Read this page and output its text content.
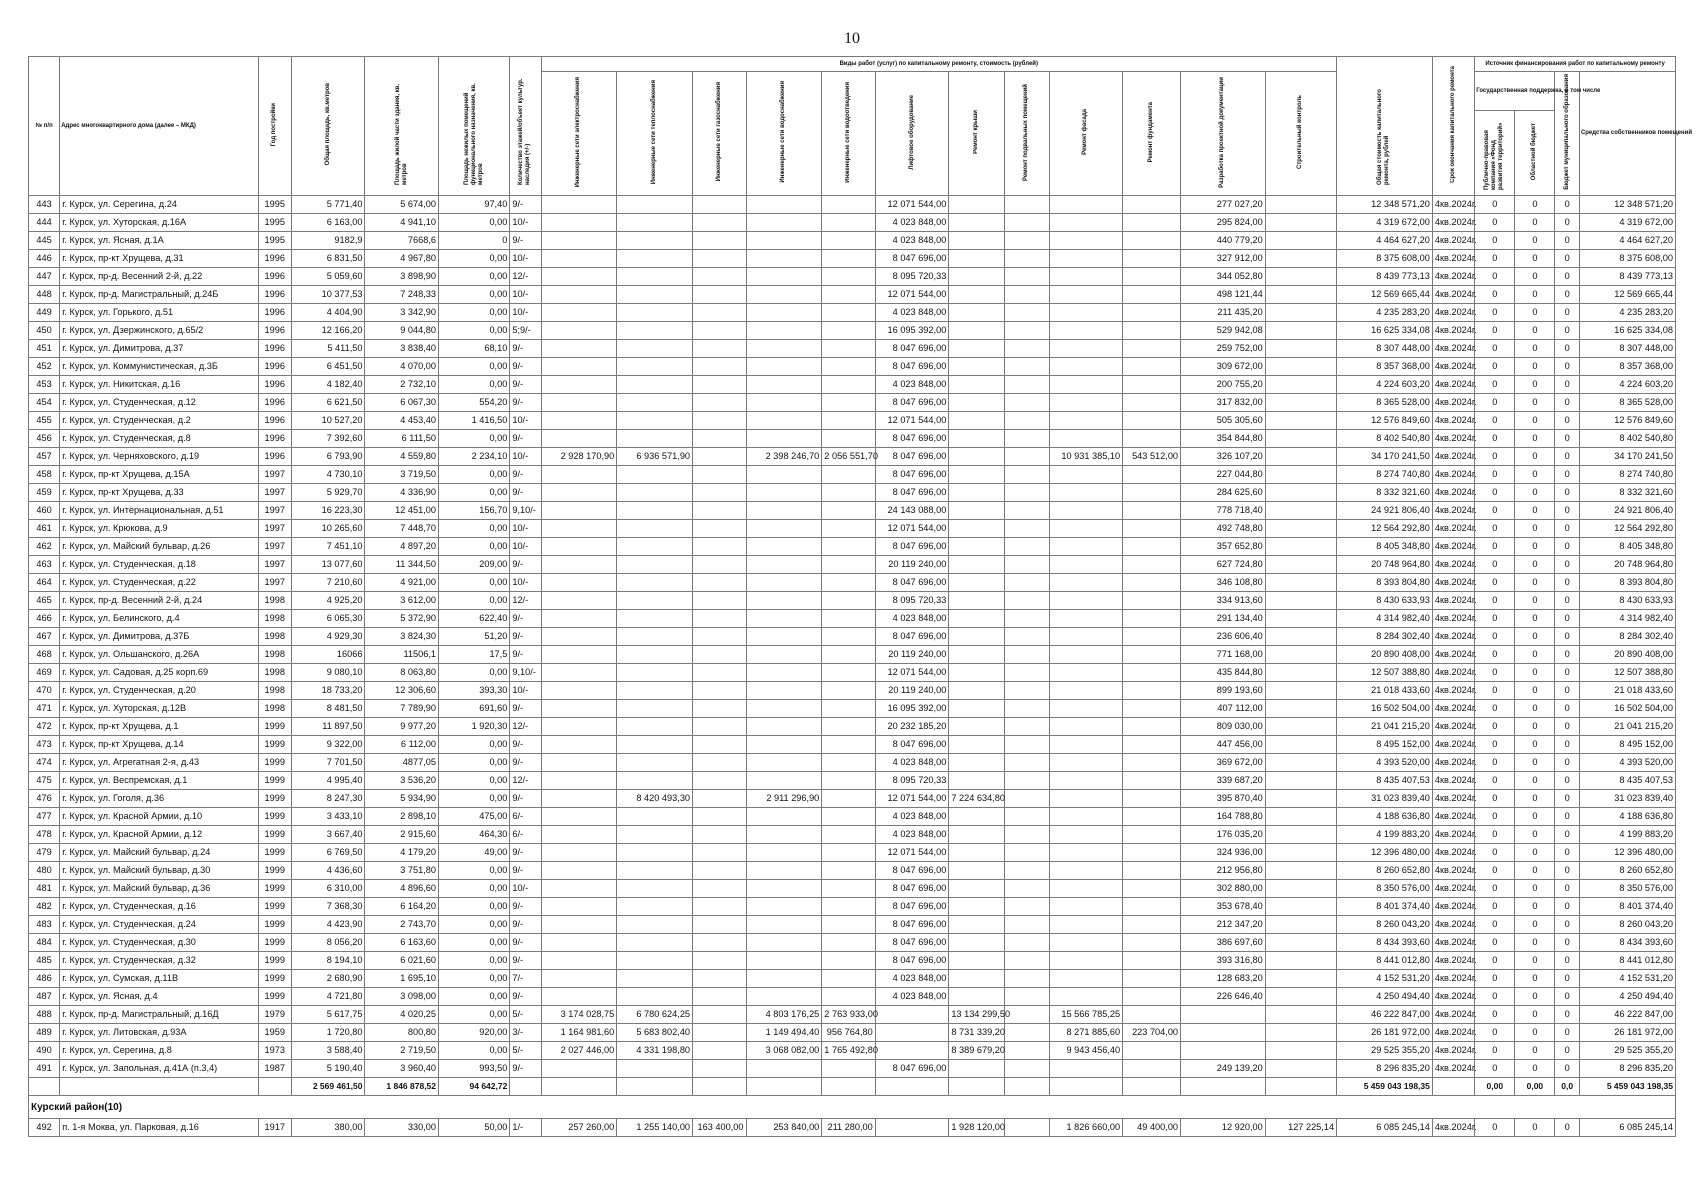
10
№ п/п	Адрес многоквартирного дома (далее – МКД)	Год постройки	Общая площадь, кв.метров	Площадь жилой части здания, кв. метров	Площадь нежилых помещений функционального назначения, кв. метров	Количество этажей/объект культур. наследия (+/-)	Виды работ (услуг) по капитальному ремонту, стоимость (рублей)												Общая стоимость капитального ремонта, рублей	Срок окончания капитального ремонта	Источник финансирования работ по капитальному ремонту			
							Инженерные сети электроснабжения	Инженерные сети теплоснабжения	Инженерные сети газоснабжения	Инженерные сети водоснабжения	Инженерные сети водоотведения	Лифтовое оборудование	Ремонт крыши	Ремонт подвальных помещений	Ремонт фасада	Ремонт фундамента	Разработка проектной документации	Строительный контроль			Государственная поддержка, в том числе		Бюджет муниципального образования	Средства собственников помещений
																					Публично-правовая компания «Фонд развития территорий»	Областной бюджет		
443	г. Курск, ул. Серегина, д.24	1995	5 771,40	5 674,00	97,40	9/-						12 071 544,00					277 027,20		12 348 571,20	4кв.2024г.	0	0	0	12 348 571,20
444	г. Курск, ул. Хуторская, д.16А	1995	6 163,00	4 941,10	0,00	10/-						4 023 848,00					295 824,00		4 319 672,00	4кв.2024г.	0	0	0	4 319 672,00
445	г. Курск, ул. Ясная, д.1А	1995	9182,9	7668,6	0	9/-						4 023 848,00					440 779,20		4 464 627,20	4кв.2024г.	0	0	0	4 464 627,20
446	г. Курск, пр-кт Хрущева, д.31	1996	6 831,50	4 967,80	0,00	10/-						8 047 696,00					327 912,00		8 375 608,00	4кв.2024г.	0	0	0	8 375 608,00
447	г. Курск, пр-д. Весенний 2-й, д.22	1996	5 059,60	3 898,90	0,00	12/-						8 095 720,33					344 052,80		8 439 773,13	4кв.2024г.	0	0	0	8 439 773,13
448	г. Курск, пр-д. Магистральный, д.24Б	1996	10 377,53	7 248,33	0,00	10/-						12 071 544,00					498 121,44		12 569 665,44	4кв.2024г.	0	0	0	12 569 665,44
449	г. Курск, ул. Горького, д.51	1996	4 404,90	3 342,90	0,00	10/-						4 023 848,00					211 435,20		4 235 283,20	4кв.2024г.	0	0	0	4 235 283,20
450	г. Курск, ул. Дзержинского, д.65/2	1996	12 166,20	9 044,80	0,00	5;9/-						16 095 392,00					529 942,08		16 625 334,08	4кв.2024г.	0	0	0	16 625 334,08
451	г. Курск, ул. Димитрова, д.37	1996	5 411,50	3 838,40	68,10	9/-						8 047 696,00					259 752,00		8 307 448,00	4кв.2024г.	0	0	0	8 307 448,00
452	г. Курск, ул. Коммунистическая, д.3Б	1996	6 451,50	4 070,00	0,00	9/-						8 047 696,00					309 672,00		8 357 368,00	4кв.2024г.	0	0	0	8 357 368,00
453	г. Курск, ул. Никитская, д.16	1996	4 182,40	2 732,10	0,00	9/-						4 023 848,00					200 755,20		4 224 603,20	4кв.2024г.	0	0	0	4 224 603,20
454	г. Курск, ул. Студенческая, д.12	1996	6 621,50	6 067,30	554,20	9/-						8 047 696,00					317 832,00		8 365 528,00	4кв.2024г.	0	0	0	8 365 528,00
455	г. Курск, ул. Студенческая, д.2	1996	10 527,20	4 453,40	1 416,50	10/-						12 071 544,00					505 305,60		12 576 849,60	4кв.2024г.	0	0	0	12 576 849,60
456	г. Курск, ул. Студенческая, д.8	1996	7 392,60	6 111,50	0,00	9/-						8 047 696,00					354 844,80		8 402 540,80	4кв.2024г.	0	0	0	8 402 540,80
457	г. Курск, ул. Черняховского, д.19	1996	6 793,90	4 559,80	2 234,10	10/-	2 928 170,90	6 936 571,90		2 398 246,70	2 056 551,70	8 047 696,00			10 931 385,10	543 512,00	326 107,20		34 170 241,50	4кв.2024г.	0	0	0	34 170 241,50
458	г. Курск, пр-кт Хрущева, д.15А	1997	4 730,10	3 719,50	0,00	9/-						8 047 696,00					227 044,80		8 274 740,80	4кв.2024г.	0	0	0	8 274 740,80
459	г. Курск, пр-кт Хрущева, д.33	1997	5 929,70	4 336,90	0,00	9/-						8 047 696,00					284 625,60		8 332 321,60	4кв.2024г.	0	0	0	8 332 321,60
460	г. Курск, ул. Интернациональная, д.51	1997	16 223,30	12 451,00	156,70	9,10/-						24 143 088,00					778 718,40		24 921 806,40	4кв.2024г.	0	0	0	24 921 806,40
461	г. Курск, ул. Крюкова, д.9	1997	10 265,60	7 448,70	0,00	10/-						12 071 544,00					492 748,80		12 564 292,80	4кв.2024г.	0	0	0	12 564 292,80
462	г. Курск, ул. Майский бульвар, д.26	1997	7 451,10	4 897,20	0,00	10/-						8 047 696,00					357 652,80		8 405 348,80	4кв.2024г.	0	0	0	8 405 348,80
463	г. Курск, ул. Студенческая, д.18	1997	13 077,60	11 344,50	209,00	9/-						20 119 240,00					627 724,80		20 748 964,80	4кв.2024г.	0	0	0	20 748 964,80
464	г. Курск, ул. Студенческая, д.22	1997	7 210,60	4 921,00	0,00	10/-						8 047 696,00					346 108,80		8 393 804,80	4кв.2024г.	0	0	0	8 393 804,80
465	г. Курск, пр-д. Весенний 2-й, д.24	1998	4 925,20	3 612,00	0,00	12/-						8 095 720,33					334 913,60		8 430 633,93	4кв.2024г.	0	0	0	8 430 633,93
466	г. Курск, ул. Белинского, д.4	1998	6 065,30	5 372,90	622,40	9/-						4 023 848,00					291 134,40		4 314 982,40	4кв.2024г.	0	0	0	4 314 982,40
467	г. Курск, ул. Димитрова, д.37Б	1998	4 929,30	3 824,30	51,20	9/-						8 047 696,00					236 606,40		8 284 302,40	4кв.2024г.	0	0	0	8 284 302,40
468	г. Курск, ул. Ольшанского, д.26А	1998	16066	11506,1	17,5	9/-						20 119 240,00					771 168,00		20 890 408,00	4кв.2024г.	0	0	0	20 890 408,00
469	г. Курск, ул. Садовая, д.25 корп.69	1998	9 080,10	8 063,80	0,00	9,10/-						12 071 544,00					435 844,80		12 507 388,80	4кв.2024г.	0	0	0	12 507 388,80
470	г. Курск, ул. Студенческая, д.20	1998	18 733,20	12 306,60	393,30	10/-						20 119 240,00					899 193,60		21 018 433,60	4кв.2024г.	0	0	0	21 018 433,60
471	г. Курск, ул. Хуторская, д.12В	1998	8 481,50	7 789,90	691,60	9/-						16 095 392,00					407 112,00		16 502 504,00	4кв.2024г.	0	0	0	16 502 504,00
472	г. Курск, пр-кт Хрущева, д.1	1999	11 897,50	9 977,20	1 920,30	12/-						20 232 185,20					809 030,00		21 041 215,20	4кв.2024г.	0	0	0	21 041 215,20
473	г. Курск, пр-кт Хрущева, д.14	1999	9 322,00	6 112,00	0,00	9/-						8 047 696,00					447 456,00		8 495 152,00	4кв.2024г.	0	0	0	8 495 152,00
474	г. Курск, ул. Агрегатная 2-я, д.43	1999	7 701,50	4877,05	0,00	9/-						4 023 848,00					369 672,00		4 393 520,00	4кв.2024г.	0	0	0	4 393 520,00
475	г. Курск, ул. Веспремская, д.1	1999	4 995,40	3 536,20	0,00	12/-						8 095 720,33					339 687,20		8 435 407,53	4кв.2024г.	0	0	0	8 435 407,53
476	г. Курск, ул. Гоголя, д.36	1999	8 247,30	5 934,90	0,00	9/-		8 420 493,30		2 911 296,90		12 071 544,00	7 224 634,80				395 870,40		31 023 839,40	4кв.2024г.	0	0	0	31 023 839,40
477	г. Курск, ул. Красной Армии, д.10	1999	3 433,10	2 898,10	475,00	6/-						4 023 848,00					164 788,80		4 188 636,80	4кв.2024г.	0	0	0	4 188 636,80
478	г. Курск, ул. Красной Армии, д.12	1999	3 667,40	2 915,60	464,30	6/-						4 023 848,00					176 035,20		4 199 883,20	4кв.2024г.	0	0	0	4 199 883,20
479	г. Курск, ул. Майский бульвар, д.24	1999	6 769,50	4 179,20	49,00	9/-						12 071 544,00					324 936,00		12 396 480,00	4кв.2024г.	0	0	0	12 396 480,00
480	г. Курск, ул. Майский бульвар, д.30	1999	4 436,60	3 751,80	0,00	9/-						8 047 696,00					212 956,80		8 260 652,80	4кв.2024г.	0	0	0	8 260 652,80
481	г. Курск, ул. Майский бульвар, д.36	1999	6 310,00	4 896,60	0,00	10/-						8 047 696,00					302 880,00		8 350 576,00	4кв.2024г.	0	0	0	8 350 576,00
482	г. Курск, ул. Студенческая, д.16	1999	7 368,30	6 164,20	0,00	9/-						8 047 696,00					353 678,40		8 401 374,40	4кв.2024г.	0	0	0	8 401 374,40
483	г. Курск, ул. Студенческая, д.24	1999	4 423,90	2 743,70	0,00	9/-						8 047 696,00					212 347,20		8 260 043,20	4кв.2024г.	0	0	0	8 260 043,20
484	г. Курск, ул. Студенческая, д.30	1999	8 056,20	6 163,60	0,00	9/-						8 047 696,00					386 697,60		8 434 393,60	4кв.2024г.	0	0	0	8 434 393,60
485	г. Курск, ул. Студенческая, д.32	1999	8 194,10	6 021,60	0,00	9/-						8 047 696,00					393 316,80		8 441 012,80	4кв.2024г.	0	0	0	8 441 012,80
486	г. Курск, ул. Сумская, д.11В	1999	2 680,90	1 695,10	0,00	7/-						4 023 848,00					128 683,20		4 152 531,20	4кв.2024г.	0	0	0	4 152 531,20
487	г. Курск, ул. Ясная, д.4	1999	4 721,80	3 098,00	0,00	9/-						4 023 848,00					226 646,40		4 250 494,40	4кв.2024г.	0	0	0	4 250 494,40
488	г. Курск, пр-д. Магистральный, д.16Д	1979	5 617,75	4 020,25	0,00	5/-	3 174 028,75	6 780 624,25		4 803 176,25	2 763 933,00		13 134 299,50		15 566 785,25				46 222 847,00	4кв.2024г.	0	0	0	46 222 847,00
489	г. Курск, ул. Литовская, д.93А	1959	1 720,80	800,80	920,00	3/-	1 164 981,60	5 683 802,40		1 149 494,40	956 764,80		8 731 339,20		8 271 885,60	223 704,00			26 181 972,00	4кв.2024г.	0	0	0	26 181 972,00
490	г. Курск, ул. Серегина, д.8	1973	3 588,40	2 719,50	0,00	5/-	2 027 446,00	4 331 198,80		3 068 082,00	1 765 492,80		8 389 679,20		9 943 456,40				29 525 355,20	4кв.2024г.	0	0	0	29 525 355,20
491	г. Курск, ул. Запольная, д.41А (п.3,4)	1987	5 190,40	3 960,40	993,50	9/-						8 047 696,00					249 139,20		8 296 835,20	4кв.2024г.	0	0	0	8 296 835,20
			2 569 461,50	1 846 878,52	94 642,72														5 459 043 198,35		0,00	0,00	0,0	5 459 043 198,35
Курский район(10)																								
492	п. 1-я Моква, ул. Парковая, д.16	1917	380,00	330,00	50,00	1/-	257 260,00	1 255 140,00	163 400,00	253 840,00	211 280,00		1 928 120,00		1 826 660,00	49 400,00	12 920,00	127 225,14	6 085 245,14	4кв.2024г.	0	0	0	6 085 245,14
